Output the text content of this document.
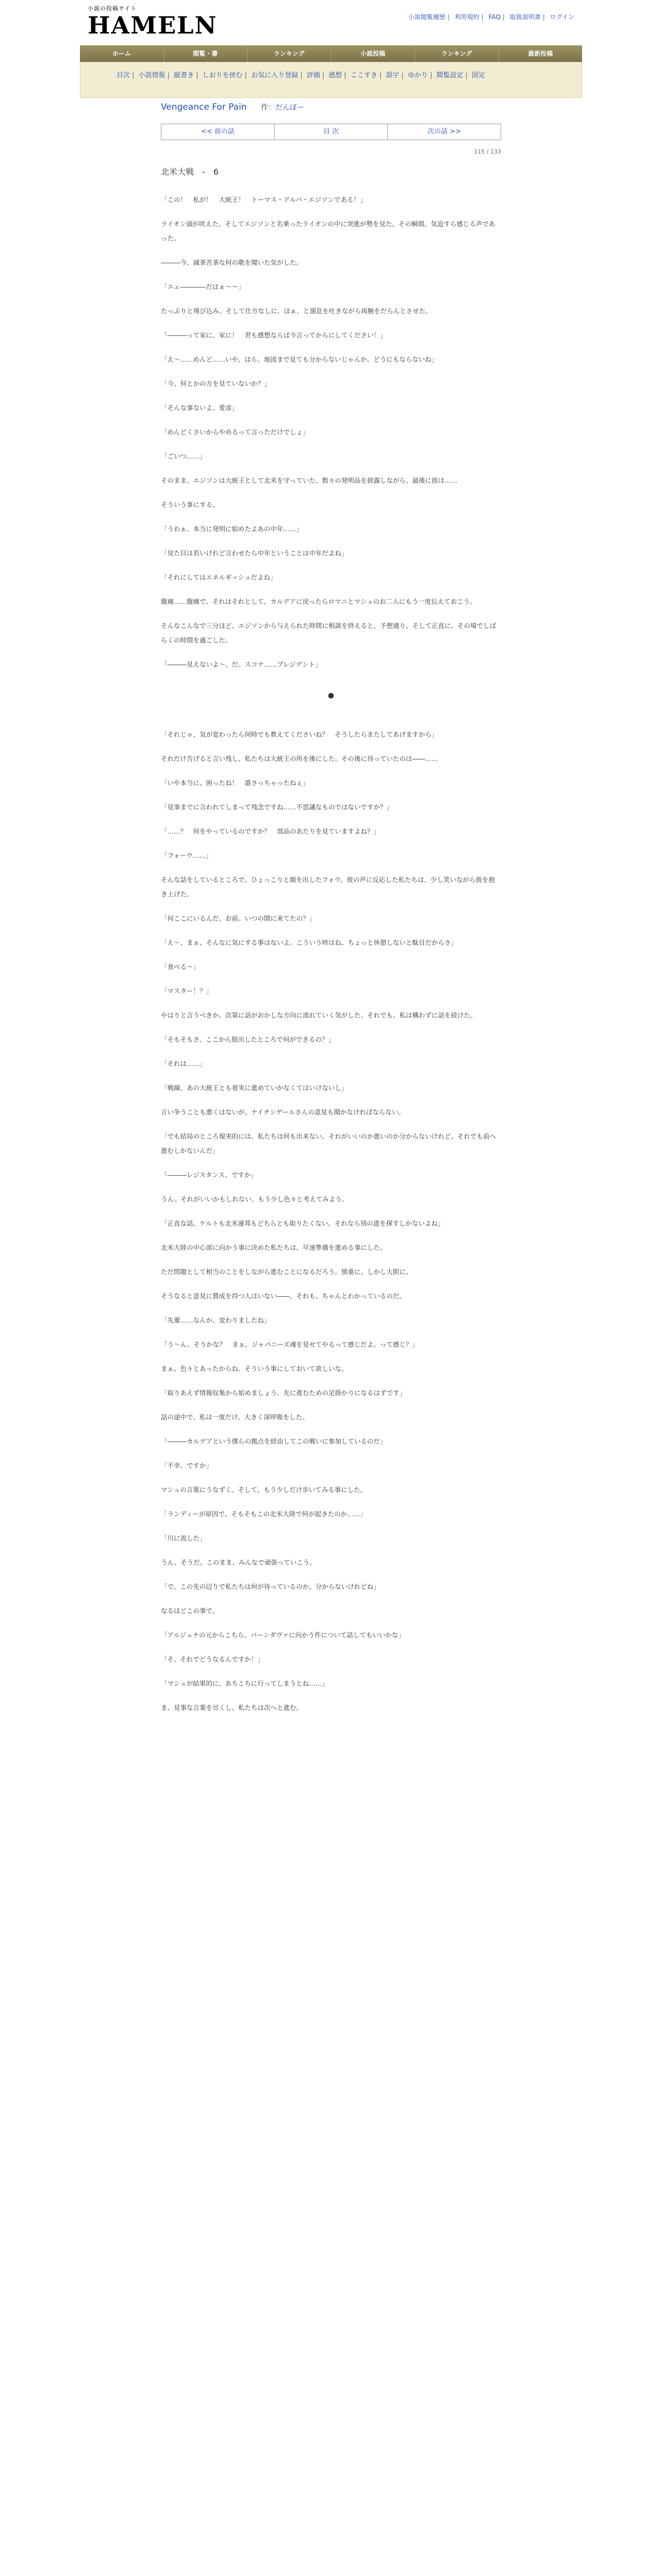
小説の投稿サイト
HAMELN	小説閲覧履歴 | 利用規約 | FAQ | 取扱説明書 | ログイン
ホーム	閲覧・書	ランキング	小説投稿	ランキング	最新投稿
目次 | 小説情報 | 縦書き | しおりを挟む | お気に入り登録 | 評価 | 感想 | ここすき | 誤字 | ゆかり | 閲覧設定 | 固定
Vengeance For Pain 作：だんぼー
<< 前の話	目 次	次の話 >>
115 / 133
北米大戦　-　6

「この！　私が！　大統王！　トーマス・アルバ・エジソンである！」

ライオン頭が吠えた。そしてエジソンと名乗ったライオンの中に突進が勢を見た。その瞬間、気迫すら感じる声であった。

―――今、滅茶苦茶な何の歌を聞いた気がした。

「エェ――――だはぁ～～」

たっぷりと飛び込み、そして仕方なしに、ほぁ、と溜息を吐きながら両腕をだらんとさせた。

「―――って家に、家に！　君も感想ならば今言ってからにしてください！」

「え～……めんど……いや、ほら、地図まで見ても分からないじゃんか。どうにもならないね」

「今、何とかの方を見ていないか？」

「そんな事ないよ、愛彦」

「めんどくさいからやめるって言っただけでしょ」

「ごいつ……」

そのまま、エジソンは大統王として北米を守っていた。数々の発明品を披露しながら、最後に彼は……

そういう事にする。

「うわぁ、本当に発明に始めたよあの中年……」

「見た目は若いけれど言わせたら中年ということは中年だよね」

「それにしてはエネルギッシュだよね」

腹痛……腹痛で、それはそれとして、カルデアに戻ったらロマニとマシュのお二人にもう一度伝えておこう。

そんなこんなで三分ほど、エジソンから与えられた時間に相談を終えると、予想通り、そして正直に、その場でしばらくの時間を過ごした。

「―――見えないよ～。だ。スコナ……プレジデント」

●

「それじゃ、気が変わったら何時でも教えてくださいね？　そうしたらまたしてあげますから」

それだけ告げると言い残し、私たちは大統王の所を後にした。その後に待っていたのは――……

「いや本当に、困ったね！　誰さっちゃったねぇ」

「見事までに言われてしまって残念ですね……不思議なものではないですか？」

「……？　何をやっているのですか？　部品のあたりを見ていますよね？」

「フォーウ……」

そんな話をしているところで、ひょっこりと顔を出したフォウ。彼の声に反応した私たちは、少し笑いながら彼を抱き上げた。

「何ここにいるんだ、お前。いつの間に来てたの？」

「え～、まぁ、そんなに気にする事はないよ。こういう時はね、ちょっと休憩しないと駄目だからさ」

「食べる～」

「マスター！？」

やはりと言うべきか、次第に話がおかしな方向に流れていく気がした。それでも、私は構わずに話を続けた。

「そもそもさ、ここから脱出したところで何ができるの？」

「それは……」

「戦線、あの大統王とも着実に進めていかなくてはいけないし」

言い争うことも悪くはないが、ナイチンゲールさんの意見も聞かなければならない。

「でも結局のところ現実的には、私たちは何も出来ない。それがいいのか悪いのか分からないけれど、それでも前へ進むしかないんだ」

「―――レジスタンス、ですか」

うん。それがいいかもしれない。もう少し色々と考えてみよう。

「正直な話、ケルトも北米連邦もどちらとも取りたくない。それなら別の道を探すしかないよね」

北米大陸の中心部に向かう事に決めた私たちは、早速準備を進める事にした。

ただ問題として相当のことをしながら進むことになるだろう。慎重に、しかし大胆に。

そうなると意見に賛成を持つ人はいない――。それも、ちゃんとわかっているのだ。

「先輩……なんか、変わりましたね」

「う～ん、そうかな？　まぁ、ジャパニーズ魂を見せてやるって感じだよ。って感じ？」

まぁ、色々とあったからね。そういう事にしておいて欲しいな。

「取りあえず情報収集から始めましょう。先に進むための足掛かりになるはずです」

話の途中で、私は一度だけ、大きく深呼吸をした。

「―――カルデアという僕らの拠点を経由してこの戦いに参加しているのだ」

「不幸、ですか」

マシュの言葉にうなずく。そして、もう少しだけ歩いてみる事にした。

「ランディーが原因で、そもそもこの北米大陸で何が起きたのか……」

「川に流した」

うん、そうだ。このまま、みんなで頑張っていこう。

「で、この先の辺りで私たちは何が待っているのか、分からないけれどね」

なるほどこの事で。

「アルジュナの元からこちら、バーンダヴァに向かう件について話してもいいかな」

「そ、それでどうなるんですか！」

「マシュが結果的に、あちこちに行ってしまうとね……」

ま、見事な言葉を尽くし、私たちは次へと進む。
